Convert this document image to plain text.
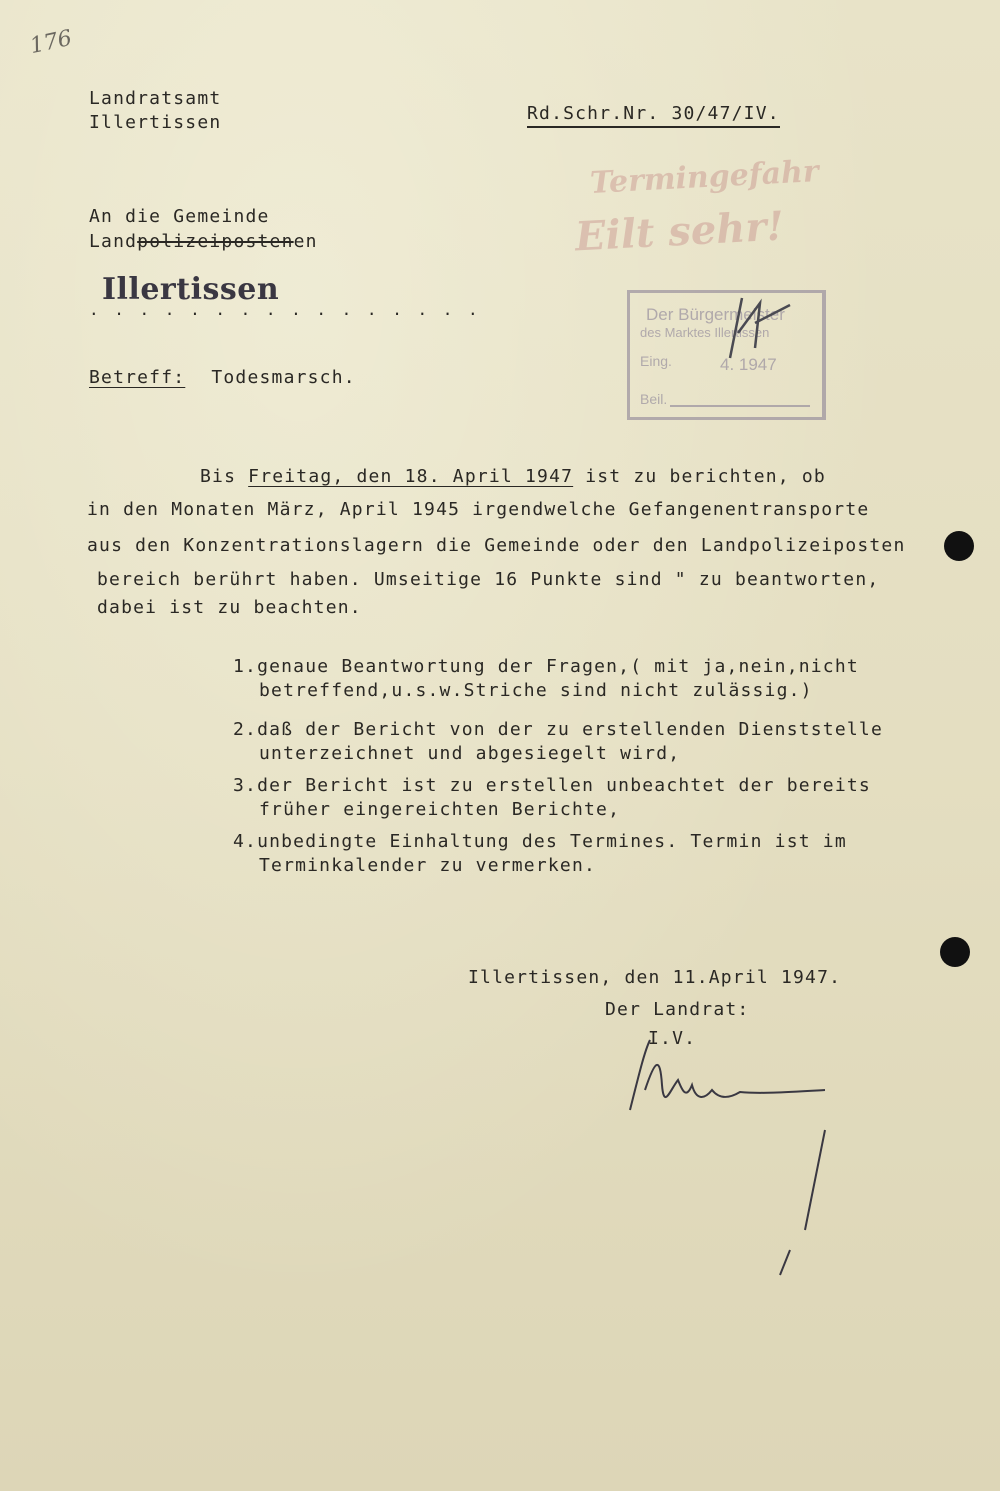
176
Landratsamt
Illertissen	Rd.Schr.Nr. 30/47/IV.
Termingefahr
Eilt sehr!
An die Gemeinde
Landpolizeipostenen
Illertissen
. . . . . . . . . . . . . . . .	Der Bürgermeister
des Marktes Illertissen
Eing.	4. 1947
Beil.
Betreff: Todesmarsch.
Bis Freitag, den 18. April 1947 ist zu berichten, ob
in den Monaten März, April 1945 irgendwelche Gefangenentransporte
aus den Konzentrationslagern die Gemeinde oder den Landpolizeiposten
bereich berührt haben. Umseitige 16 Punkte sind " zu beantworten,
dabei ist zu beachten.
1.genaue Beantwortung der Fragen,( mit ja,nein,nicht
betreffend,u.s.w.Striche sind nicht zulässig.)
2.daß der Bericht von der zu erstellenden Dienststelle
unterzeichnet und abgesiegelt wird,
3.der Bericht ist zu erstellen unbeachtet der bereits
früher eingereichten Berichte,
4.unbedingte Einhaltung des Termines. Termin ist im
Terminkalender zu vermerken.
Illertissen, den 11.April 1947.
Der Landrat:
I.V.
